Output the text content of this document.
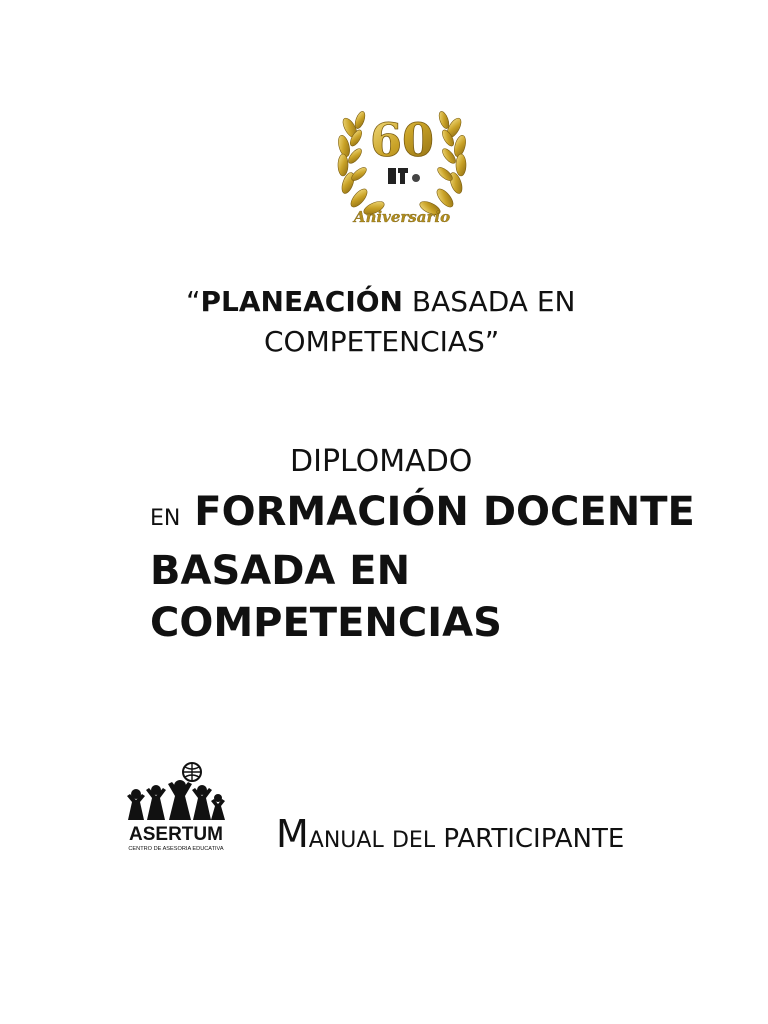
60
Aniversario
“PLANEACIÓN BASADA EN
COMPETENCIAS”
DIPLOMADO
EN FORMACIÓN DOCENTE
BASADA EN
COMPETENCIAS
ASERTUM
CENTRO DE ASESORIA EDUCATIVA MANUAL DEL PARTICIPANTE
